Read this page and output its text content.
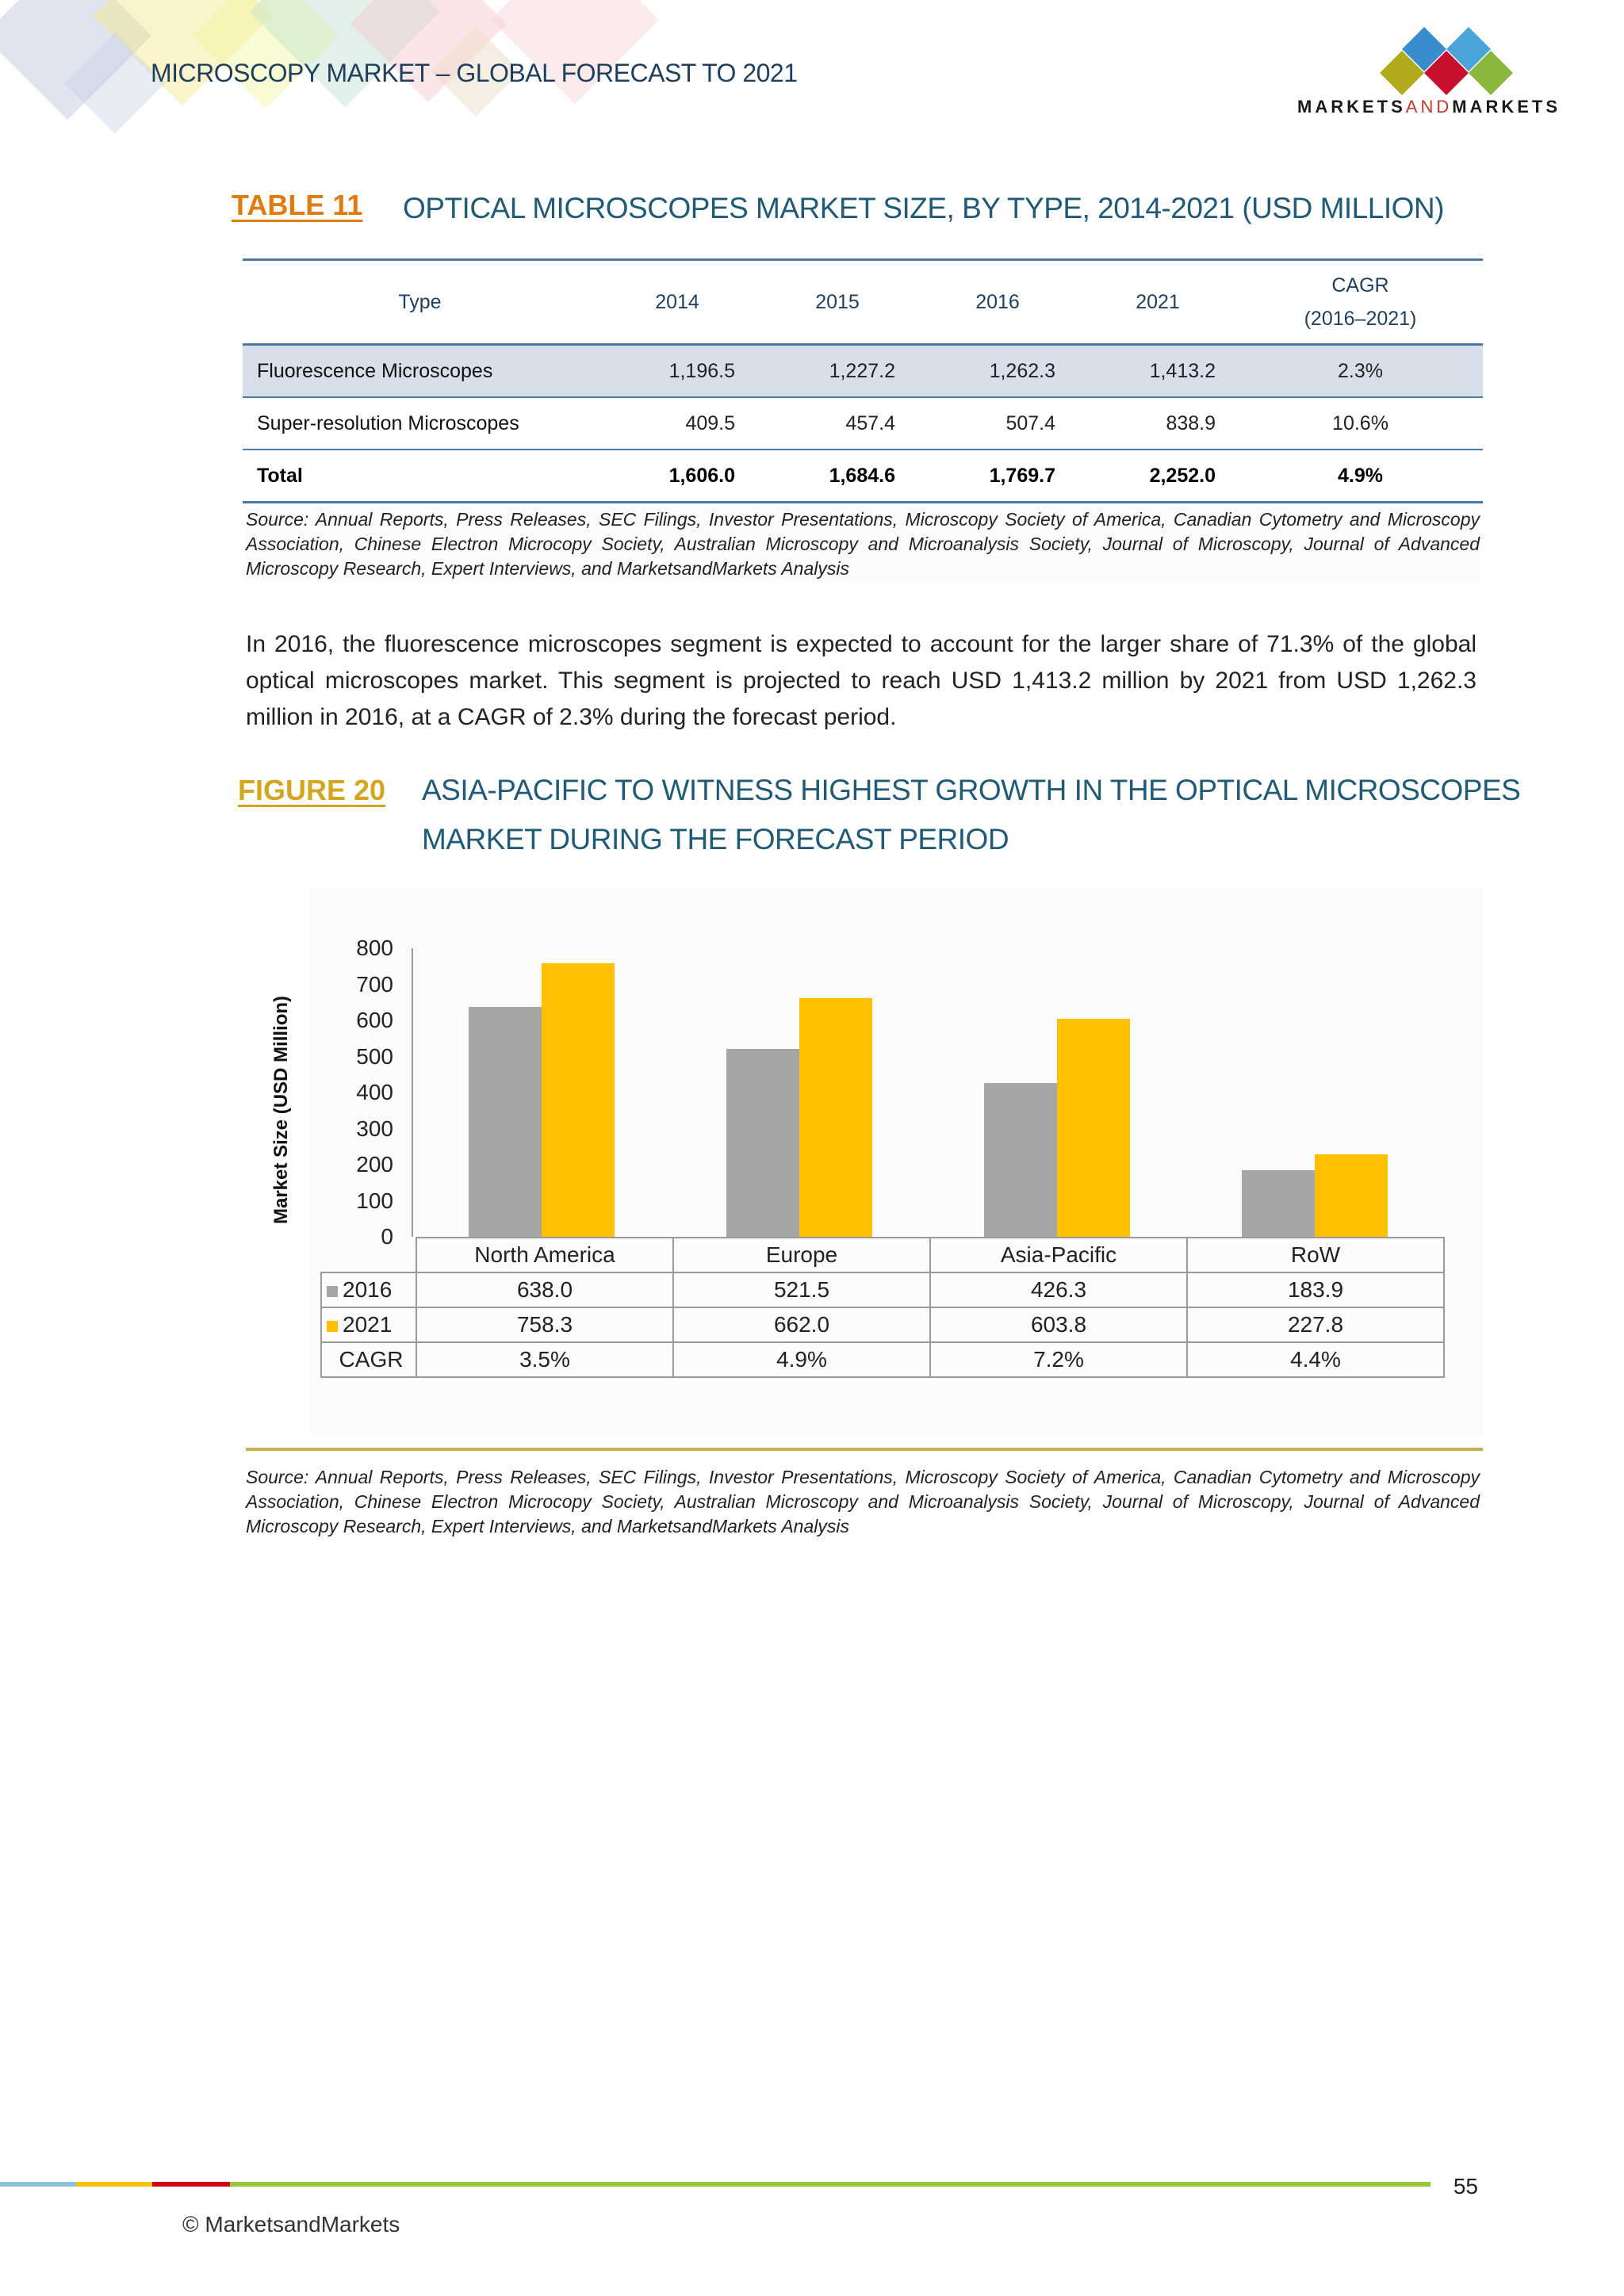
MICROSCOPY MARKET – GLOBAL FORECAST TO 2021
MARKETSANDMARKETS
TABLE 11	OPTICAL MICROSCOPES MARKET SIZE, BY TYPE, 2014-2021 (USD MILLION)
Type	2014	2015	2016	2021	CAGR
(2016–2021)
Fluorescence Microscopes	1,196.5	1,227.2	1,262.3	1,413.2	2.3%
Super-resolution Microscopes	409.5	457.4	507.4	838.9	10.6%
Total	1,606.0	1,684.6	1,769.7	2,252.0	4.9%
Source: Annual Reports, Press Releases, SEC Filings, Investor Presentations, Microscopy Society of America, Canadian Cytometry and Microscopy Association, Chinese Electron Microcopy Society, Australian Microscopy and Microanalysis Society, Journal of Microscopy, Journal of Advanced Microscopy Research, Expert Interviews, and MarketsandMarkets Analysis
In 2016, the fluorescence microscopes segment is expected to account for the larger share of 71.3% of the global optical microscopes market. This segment is projected to reach USD 1,413.2 million by 2021 from USD 1,262.3 million in 2016, at a CAGR of 2.3% during the forecast period.
FIGURE 20	ASIA-PACIFIC TO WITNESS HIGHEST GROWTH IN THE OPTICAL MICROSCOPES
MARKET DURING THE FORECAST PERIOD
Market Size (USD Million)
0
100
200
300
400
500
600
700
800
	North America	Europe	Asia-Pacific	RoW
2016	638.0	521.5	426.3	183.9
2021	758.3	662.0	603.8	227.8
CAGR	3.5%	4.9%	7.2%	4.4%
Source: Annual Reports, Press Releases, SEC Filings, Investor Presentations, Microscopy Society of America, Canadian Cytometry and Microscopy Association, Chinese Electron Microcopy Society, Australian Microscopy and Microanalysis Society, Journal of Microscopy, Journal of Advanced Microscopy Research, Expert Interviews, and MarketsandMarkets Analysis
55
© MarketsandMarkets
